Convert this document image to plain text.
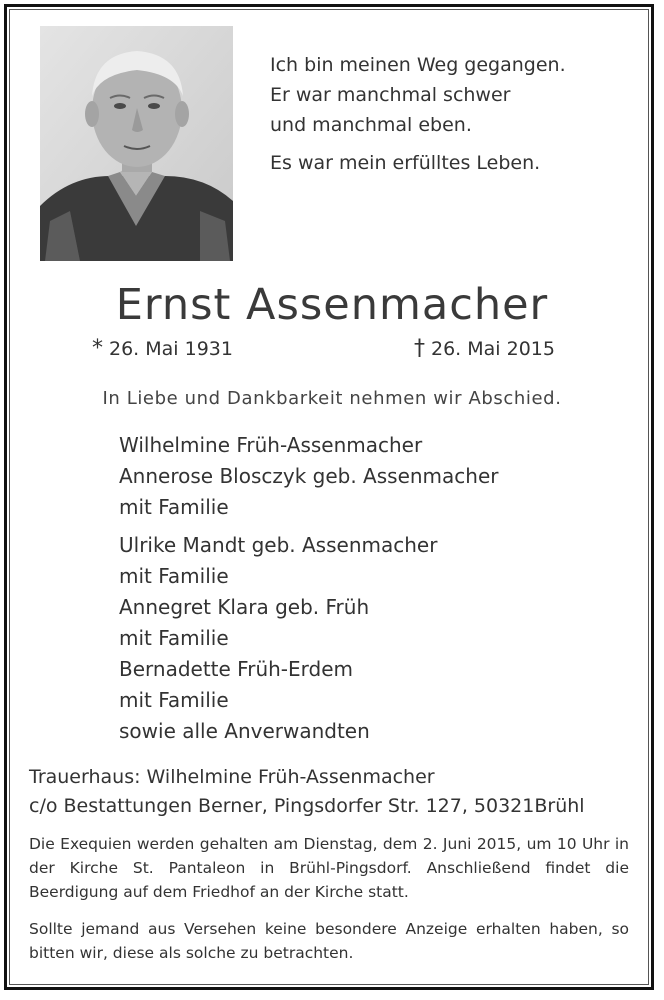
Ich bin meinen Weg gegangen.
Er war manchmal schwer
und manchmal eben.
Es war mein erfülltes Leben.
Ernst Assenmacher
* 26. Mai 1931	† 26. Mai 2015
In Liebe und Dankbarkeit nehmen wir Abschied.
Wilhelmine Früh-Assenmacher
Annerose Blosczyk geb. Assenmacher
mit Familie
Ulrike Mandt geb. Assenmacher
mit Familie
Annegret Klara geb. Früh
mit Familie
Bernadette Früh-Erdem
mit Familie
sowie alle Anverwandten
Trauerhaus: Wilhelmine Früh-Assenmacher
c/o Bestattungen Berner, Pingsdorfer Str. 127, 50321Brühl

Die Exequien werden gehalten am Dienstag, dem 2. Juni 2015, um 10 Uhr in der Kirche St. Pantaleon in Brühl-Pingsdorf. Anschließend findet die Beerdigung auf dem Friedhof an der Kirche statt.

Sollte jemand aus Versehen keine besondere Anzeige erhalten haben, so bitten wir, diese als solche zu betrachten.
